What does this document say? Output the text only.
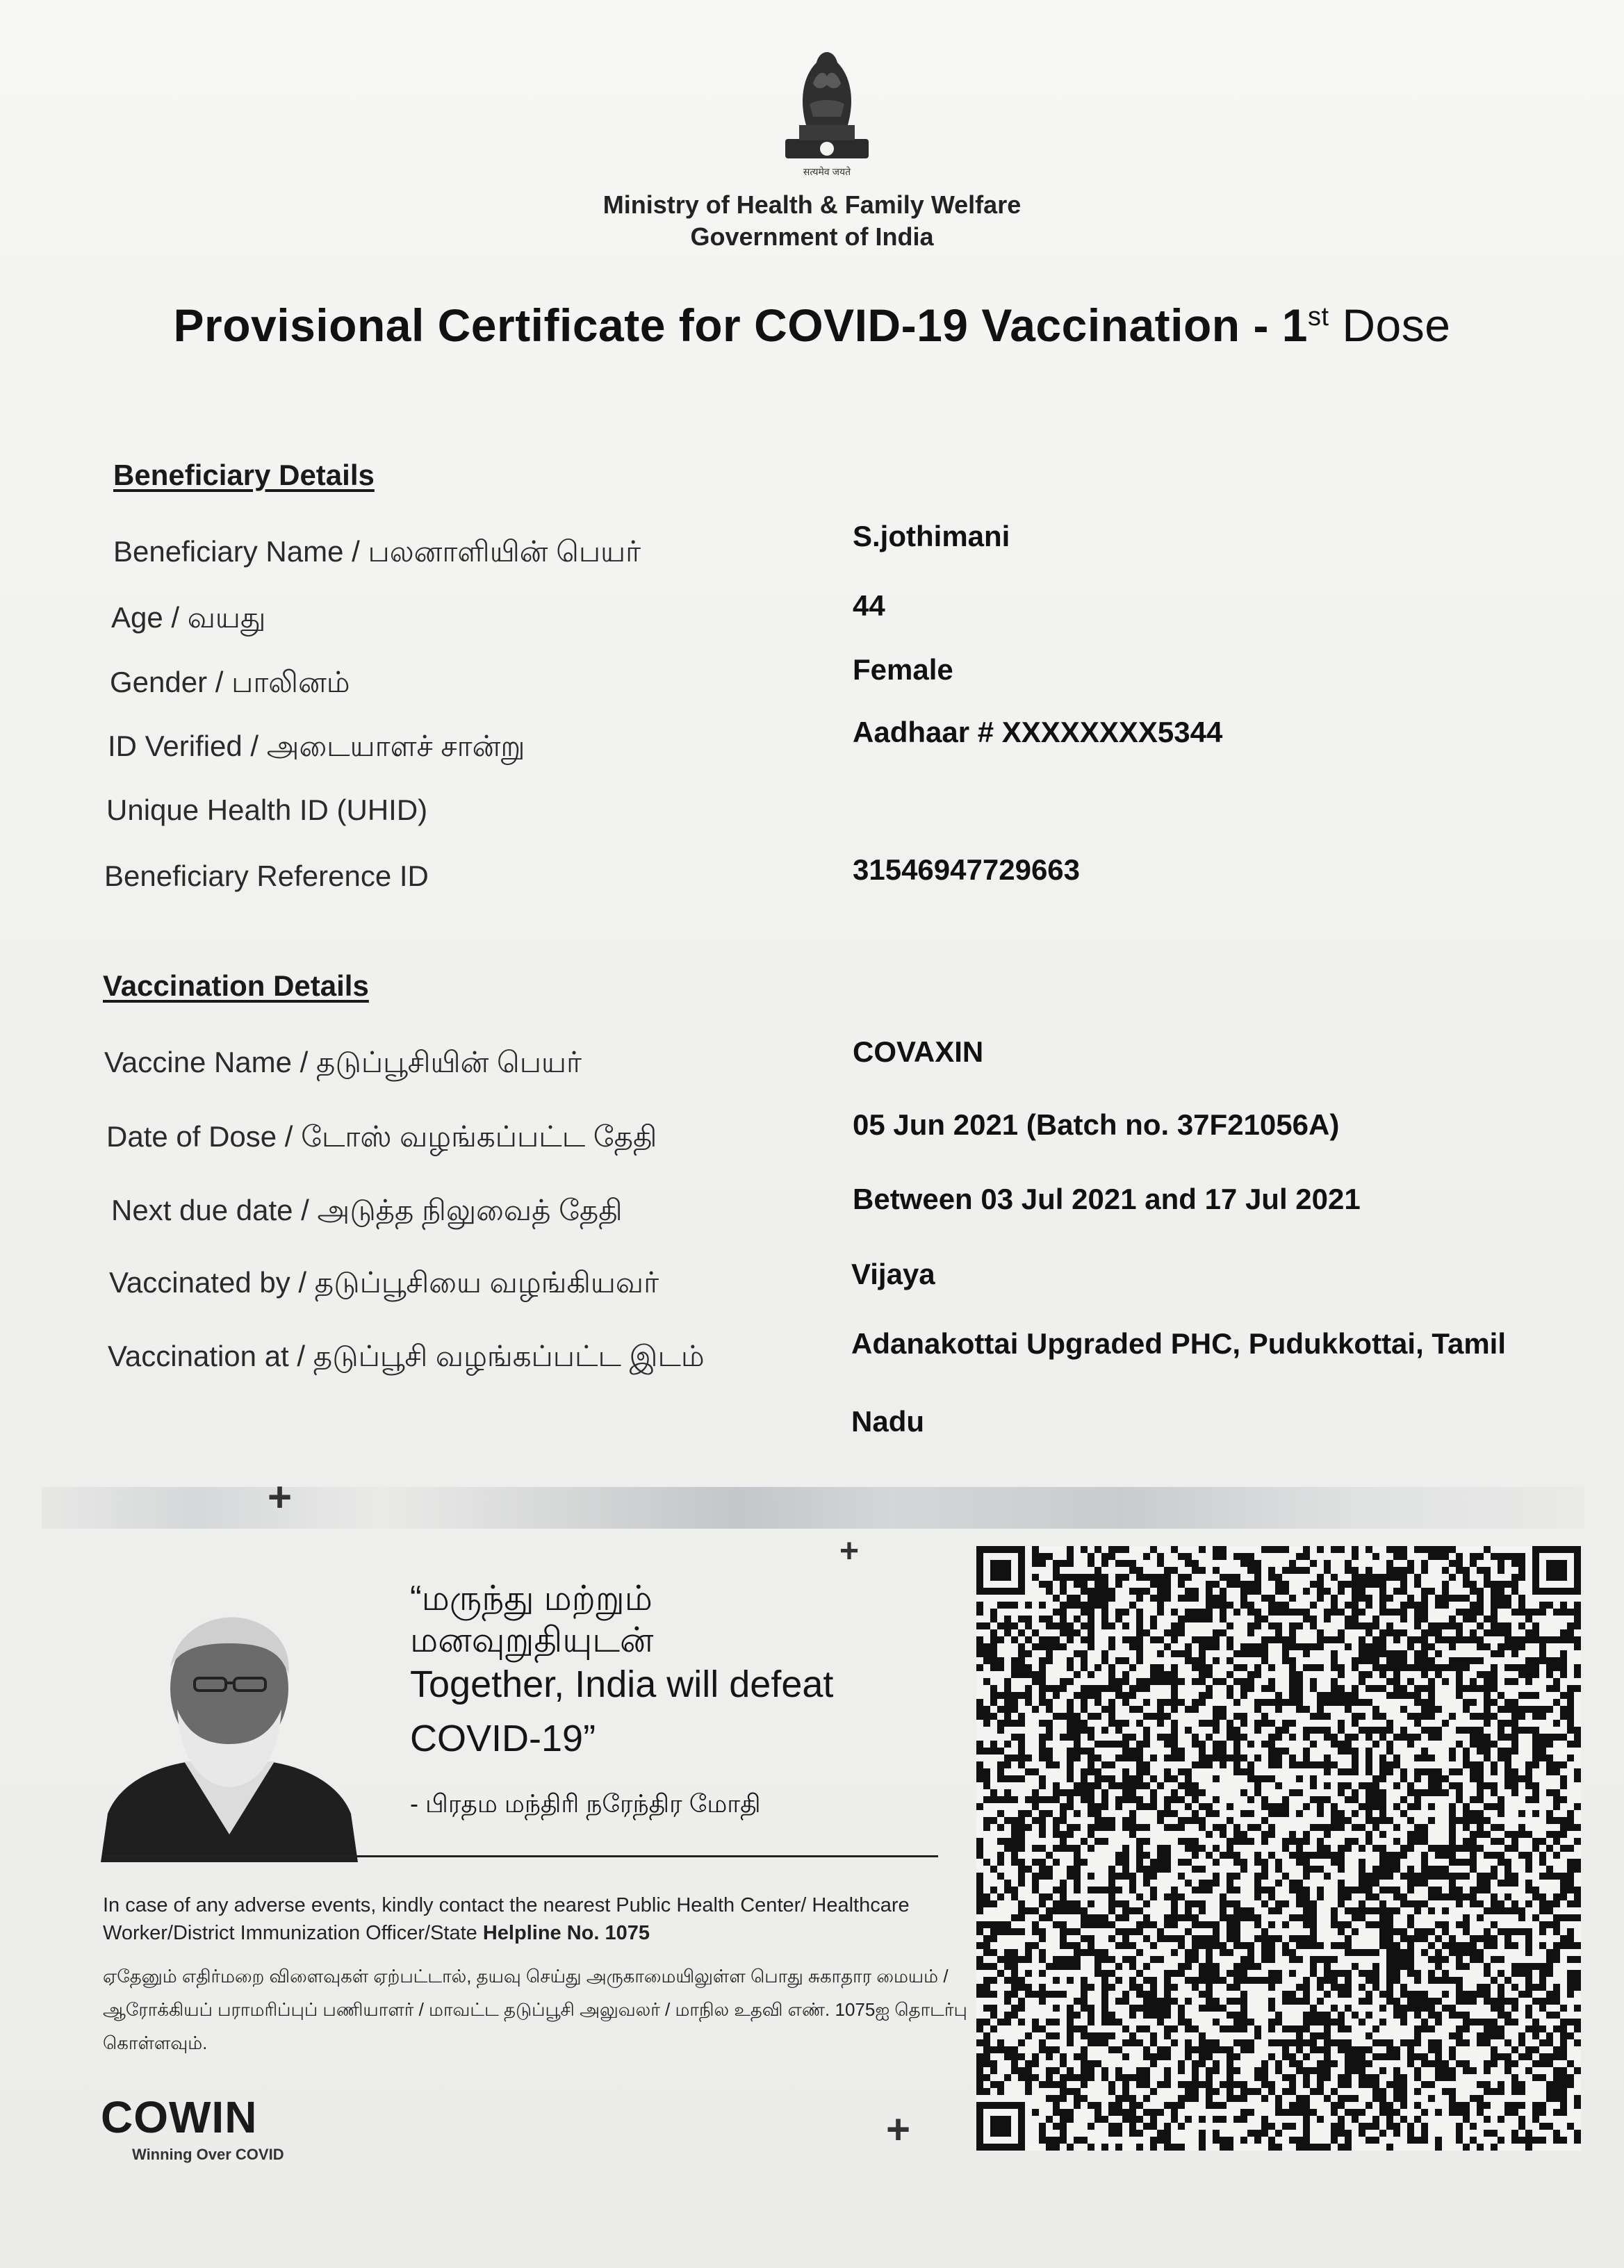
सत्यमेव जयते
Ministry of Health & Family Welfare
Government of India
Provisional Certificate for COVID-19 Vaccination - 1st Dose
Beneficiary Details
Beneficiary Name / பலனாளியின் பெயர்	S.jothimani
Age / வயது	44
Gender / பாலினம்	Female
ID Verified / அடையாளச் சான்று	Aadhaar # XXXXXXXX5344
Unique Health ID (UHID)
Beneficiary Reference ID	31546947729663
Vaccination Details
Vaccine Name / தடுப்பூசியின் பெயர்	COVAXIN
Date of Dose / டோஸ் வழங்கப்பட்ட தேதி	05 Jun 2021 (Batch no. 37F21056A)
Next due date / அடுத்த நிலுவைத் தேதி	Between 03 Jul 2021 and 17 Jul 2021
Vaccinated by / தடுப்பூசியை வழங்கியவர்	Vijaya
Vaccination at / தடுப்பூசி வழங்கப்பட்ட இடம்	Adanakottai Upgraded PHC, Pudukkottai, Tamil
Nadu
+
+
+
“மருந்து மற்றும்
மனவுறுதியுடன்
Together, India will defeat COVID-19”
- பிரதம மந்திரி நரேந்திர மோதி
In case of any adverse events, kindly contact the nearest Public Health Center/ Healthcare Worker/District Immunization Officer/State Helpline No. 1075
ஏதேனும் எதிர்மறை விளைவுகள் ஏற்பட்டால், தயவு செய்து அருகாமையிலுள்ள பொது சுகாதார மையம் / ஆரோக்கியப் பராமரிப்புப் பணியாளர் / மாவட்ட தடுப்பூசி அலுவலர் / மாநில உதவி எண். 1075ஐ தொடர்பு கொள்ளவும்.
COWIN
Winning Over COVID
